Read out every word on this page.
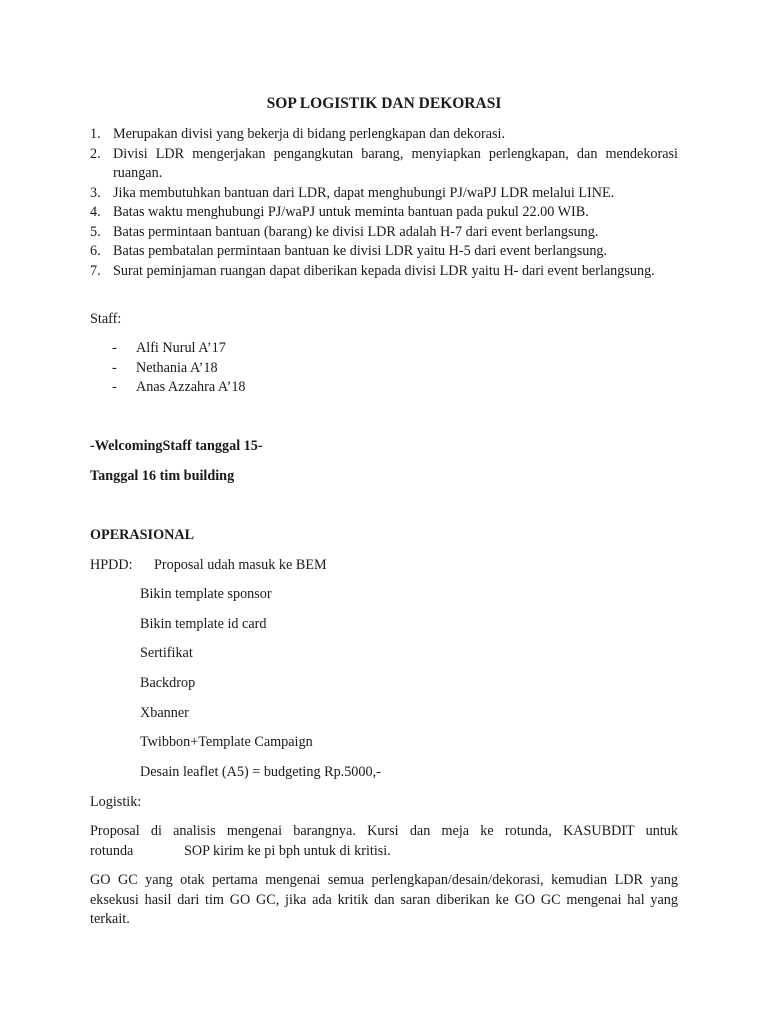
SOP LOGISTIK DAN DEKORASI
1. Merupakan divisi yang bekerja di bidang perlengkapan dan dekorasi.
2. Divisi LDR mengerjakan pengangkutan barang, menyiapkan perlengkapan, dan mendekorasi ruangan.
3. Jika membutuhkan bantuan dari LDR, dapat menghubungi PJ/waPJ LDR melalui LINE.
4. Batas waktu menghubungi PJ/waPJ untuk meminta bantuan pada pukul 22.00 WIB.
5. Batas permintaan bantuan (barang) ke divisi LDR adalah H-7 dari event berlangsung.
6. Batas pembatalan permintaan bantuan ke divisi LDR yaitu H-5 dari event berlangsung.
7. Surat peminjaman ruangan dapat diberikan kepada divisi LDR yaitu H- dari event berlangsung.
Staff:
- Alfi Nurul A’17
- Nethania A’18
- Anas Azzahra A’18
-WelcomingStaff tanggal 15-
Tanggal 16 tim building
OPERASIONAL
HPDD: Proposal udah masuk ke BEM
Bikin template sponsor
Bikin template id card
Sertifikat
Backdrop
Xbanner
Twibbon+Template Campaign
Desain leaflet (A5) = budgeting Rp.5000,-
Logistik:
Proposal di analisis mengenai barangnya. Kursi dan meja ke rotunda, KASUBDIT untuk
rotunda	SOP kirim ke pi bph untuk di kritisi.
GO GC yang otak pertama mengenai semua perlengkapan/desain/dekorasi, kemudian LDR yang eksekusi hasil dari tim GO GC, jika ada kritik dan saran diberikan ke GO GC mengenai hal yang terkait.
